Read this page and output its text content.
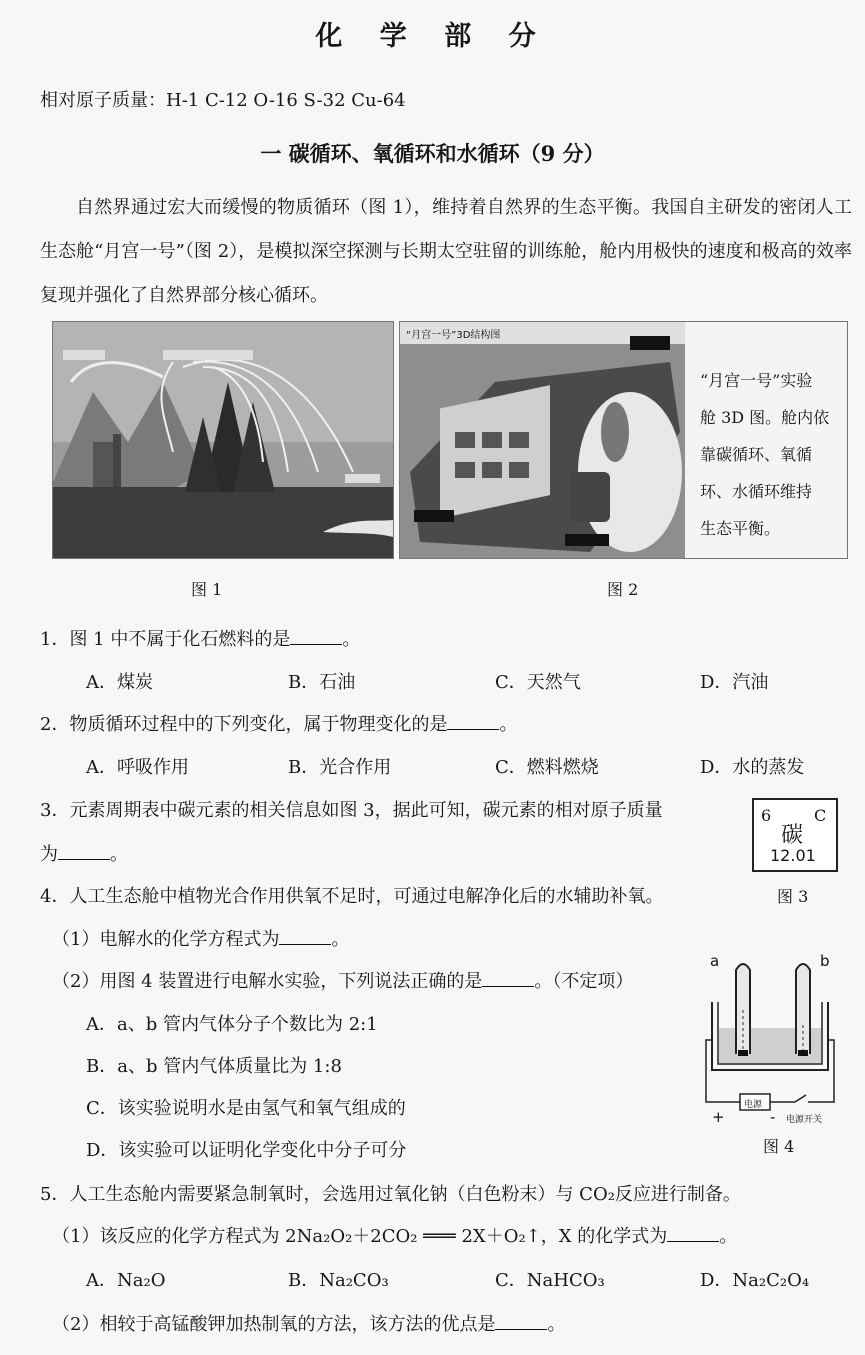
化 学 部 分
相对原子质量：H-1 C-12 O-16 S-32 Cu-64
一 碳循环、氧循环和水循环（9 分）
自然界通过宏大而缓慢的物质循环（图 1），维持着自然界的生态平衡。我国自主研发的密闭人工生态舱“月宫一号”（图 2），是模拟深空探测与长期太空驻留的训练舱，舱内用极快的速度和极高的效率复现并强化了自然界部分核心循环。
图 1
“月宫一号”3D结构图
“月宫一号”实验
舱 3D 图。舱内依
靠碳循环、氧循
环、水循环维持
生态平衡。
图 2
1．图 1 中不属于化石燃料的是	。
A．煤炭	B．石油	C．天然气	D．汽油
2．物质循环过程中的下列变化，属于物理变化的是	。
A．呼吸作用	B．光合作用	C．燃料燃烧	D．水的蒸发
3．元素周期表中碳元素的相关信息如图 3，据此可知，碳元素的相对原子质量
为	。
6	C
碳
12.01
图 3
4．人工生态舱中植物光合作用供氧不足时，可通过电解净化后的水辅助补氧。
（1）电解水的化学方程式为	。
（2）用图 4 装置进行电解水实验，下列说法正确的是	。（不定项）
A．a、b 管内气体分子个数比为 2:1
B．a、b 管内气体质量比为 1:8
C．该实验说明水是由氢气和氧气组成的
D．该实验可以证明化学变化中分子可分
a	b
电源
电源开关
+	-
图 4
5．人工生态舱内需要紧急制氧时，会选用过氧化钠（白色粉末）与 CO₂反应进行制备。
（1）该反应的化学方程式为 2Na₂O₂＋2CO₂ ═══ 2X＋O₂↑，X 的化学式为	。
A．Na₂O	B．Na₂CO₃	C．NaHCO₃	D．Na₂C₂O₄
（2）相较于高锰酸钾加热制氧的方法，该方法的优点是	。
